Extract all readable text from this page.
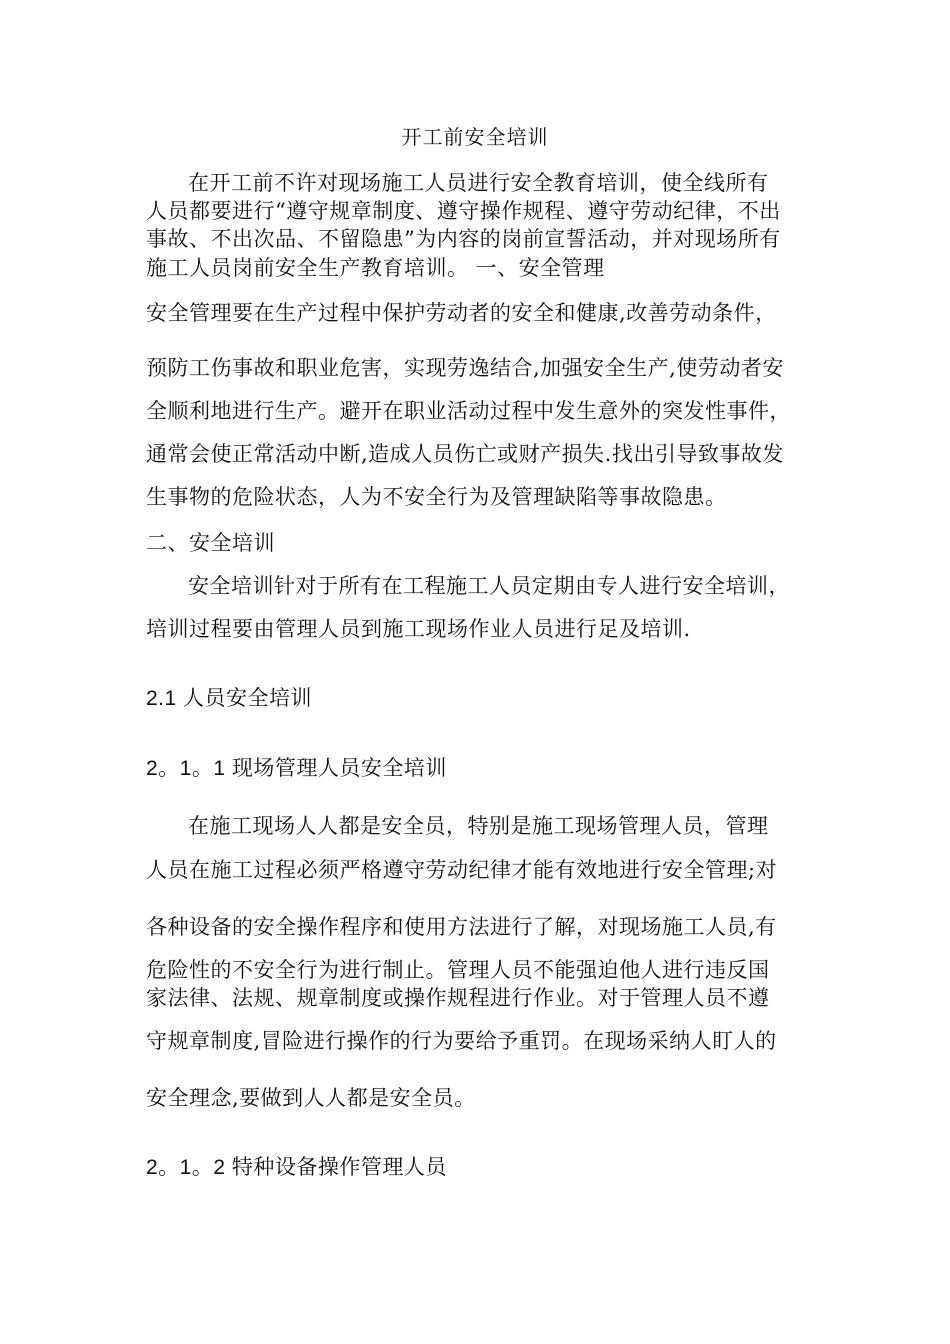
开工前安全培训
在开工前不许对现场施工人员进行安全教育培训，使全线所有
人员都要进行“遵守规章制度、遵守操作规程、遵守劳动纪律，不出
事故、不出次品、不留隐患”为内容的岗前宣誓活动，并对现场所有
施工人员岗前安全生产教育培训。 一、安全管理
安全管理要在生产过程中保护劳动者的安全和健康,改善劳动条件，
预防工伤事故和职业危害，实现劳逸结合,加强安全生产,使劳动者安
全顺利地进行生产。避开在职业活动过程中发生意外的突发性事件，
通常会使正常活动中断,造成人员伤亡或财产损失.找出引导致事故发
生事物的危险状态，人为不安全行为及管理缺陷等事故隐患。
二、安全培训
安全培训针对于所有在工程施工人员定期由专人进行安全培训，
培训过程要由管理人员到施工现场作业人员进行足及培训.
2.1 人员安全培训
2。1。1 现场管理人员安全培训
在施工现场人人都是安全员，特别是施工现场管理人员，管理
人员在施工过程必须严格遵守劳动纪律才能有效地进行安全管理;对
各种设备的安全操作程序和使用方法进行了解，对现场施工人员,有
危险性的不安全行为进行制止。管理人员不能强迫他人进行违反国
家法律、法规、规章制度或操作规程进行作业。对于管理人员不遵
守规章制度,冒险进行操作的行为要给予重罚。在现场采纳人盯人的
安全理念,要做到人人都是安全员。
2。1。2 特种设备操作管理人员
